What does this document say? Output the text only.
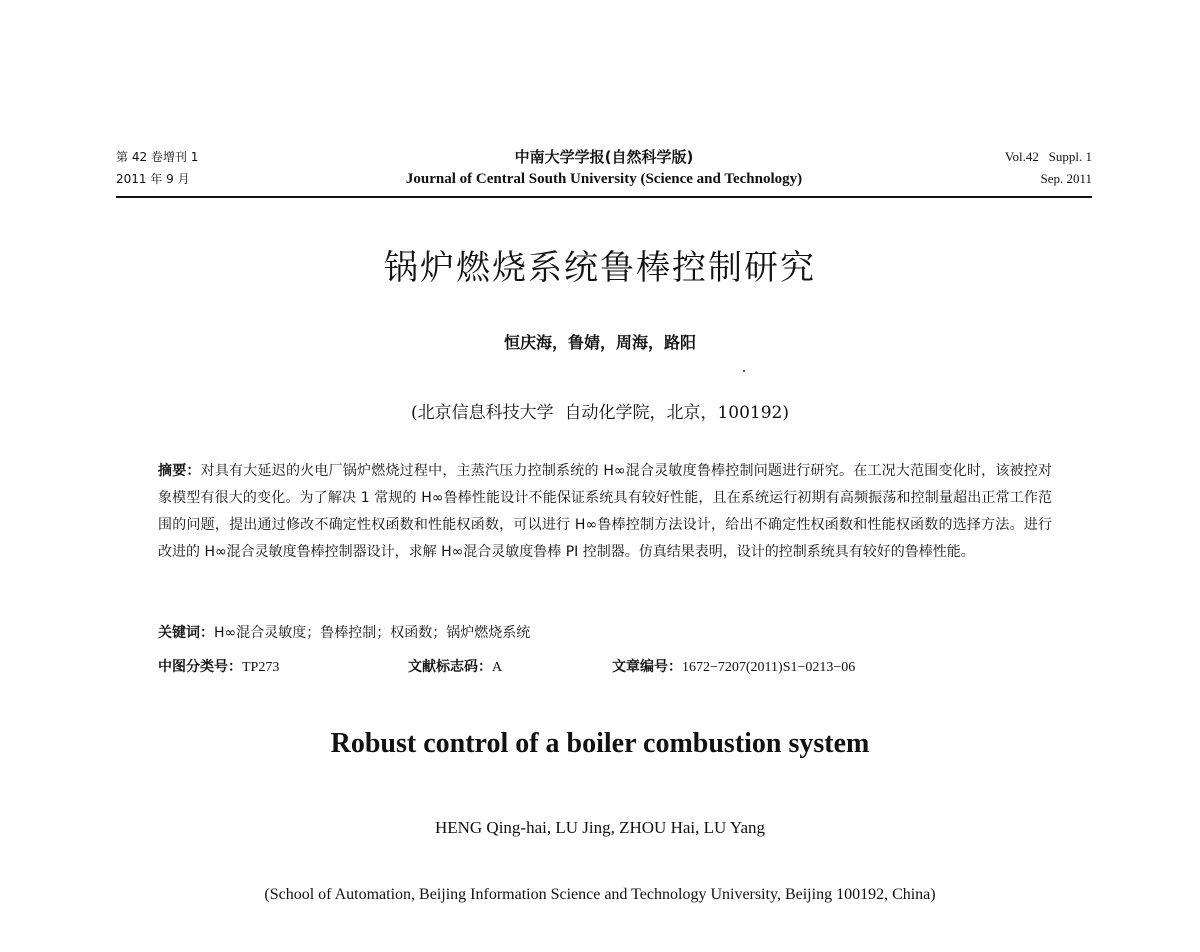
第 42 卷增刊 1
2011 年 9 月
中南大学学报(自然科学版)
Journal of Central South University (Science and Technology)
Vol.42   Suppl. 1
Sep. 2011
锅炉燃烧系统鲁棒控制研究
恒庆海，鲁婧，周海，路阳
(北京信息科技大学  自动化学院，北京，100192)
摘要：对具有大延迟的火电厂锅炉燃烧过程中，主蒸汽压力控制系统的 H∞混合灵敏度鲁棒控制问题进行研究。在工况大范围变化时，该被控对象模型有很大的变化。为了解决 1 常规的 H∞鲁棒性能设计不能保证系统具有较好性能，且在系统运行初期有高频振荡和控制量超出正常工作范围的问题，提出通过修改不确定性权函数和性能权函数，可以进行 H∞鲁棒控制方法设计，给出不确定性权函数和性能权函数的选择方法。进行改进的 H∞混合灵敏度鲁棒控制器设计，求解 H∞混合灵敏度鲁棒 PI 控制器。仿真结果表明，设计的控制系统具有较好的鲁棒性能。
关键词：H∞混合灵敏度；鲁棒控制；权函数；锅炉燃烧系统
中图分类号：TP273	文献标志码：A	文章编号：1672−7207(2011)S1−0213−06
Robust control of a boiler combustion system
HENG Qing-hai, LU Jing, ZHOU Hai, LU Yang
(School of Automation, Beijing Information Science and Technology University, Beijing 100192, China)
